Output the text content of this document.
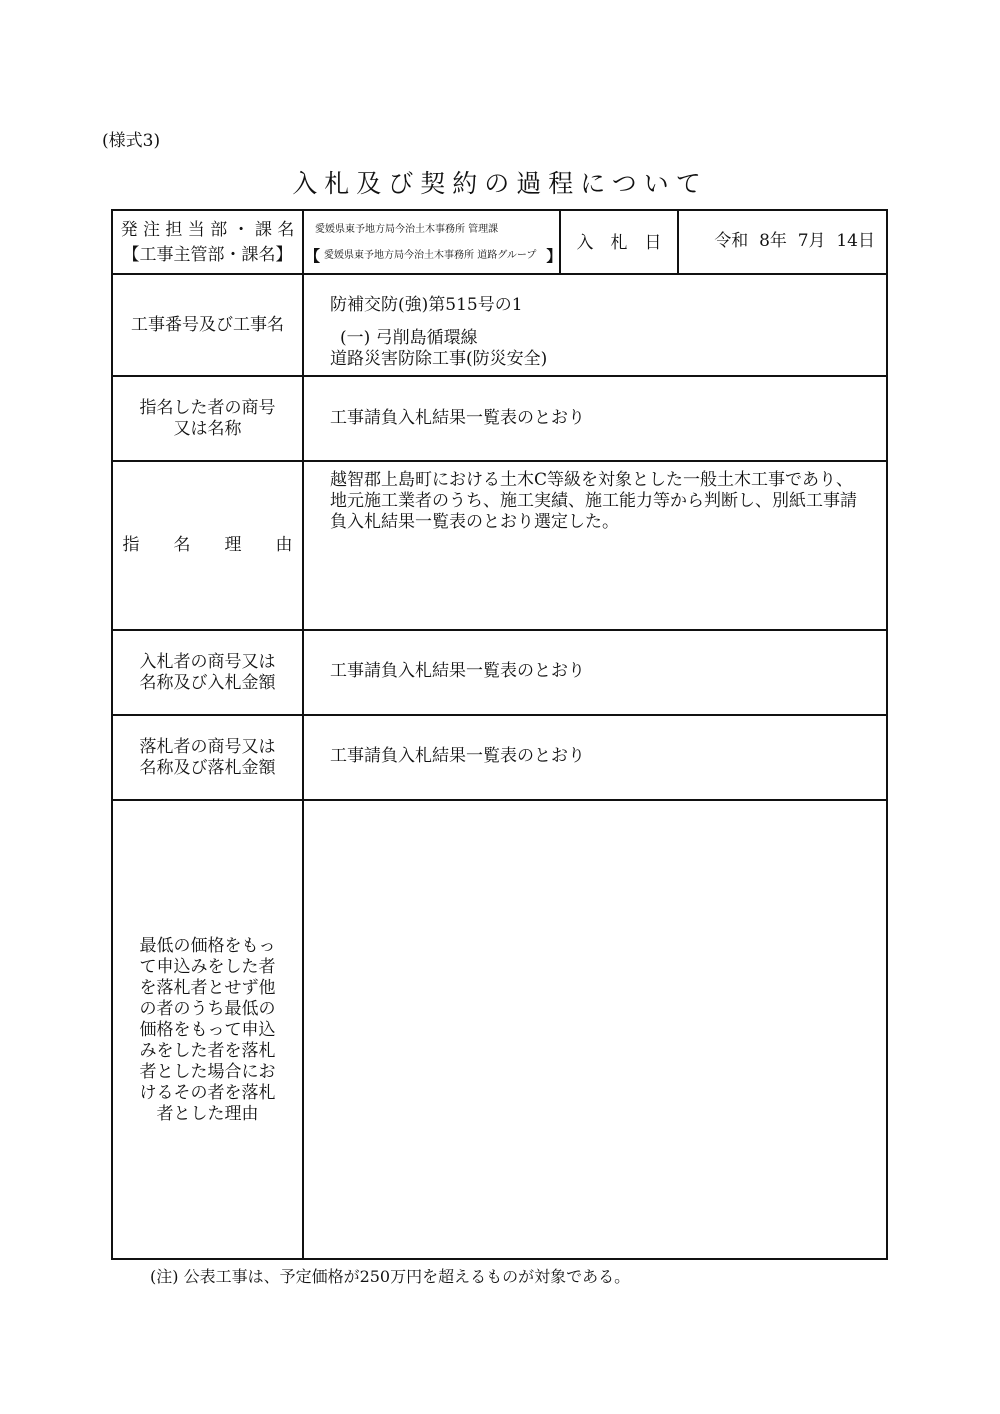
(様式3)
入札及び契約の過程について
発 注 担 当 部 ・ 課 名
【工事主管部・課名】
愛媛県東予地方局今治土木事務所 管理課
【 愛媛県東予地方局今治土木事務所 道路グループ 】
入　札　日	令和  8年  7月  14日
工事番号及び工事名
防補交防(強)第515号の1
(一) 弓削島循環線
道路災害防除工事(防災安全)
指名した者の商号
又は名称
工事請負入札結果一覧表のとおり
指　　名　　理　　由
越智郡上島町における土木C等級を対象とした一般土木工事であり、
地元施工業者のうち、施工実績、施工能力等から判断し、別紙工事請
負入札結果一覧表のとおり選定した。
入札者の商号又は
名称及び入札金額
工事請負入札結果一覧表のとおり
落札者の商号又は
名称及び落札金額
工事請負入札結果一覧表のとおり
最低の価格をもっ
て申込みをした者
を落札者とせず他
の者のうち最低の
価格をもって申込
みをした者を落札
者とした場合にお
けるその者を落札
者とした理由
(注) 公表工事は、予定価格が250万円を超えるものが対象である。
